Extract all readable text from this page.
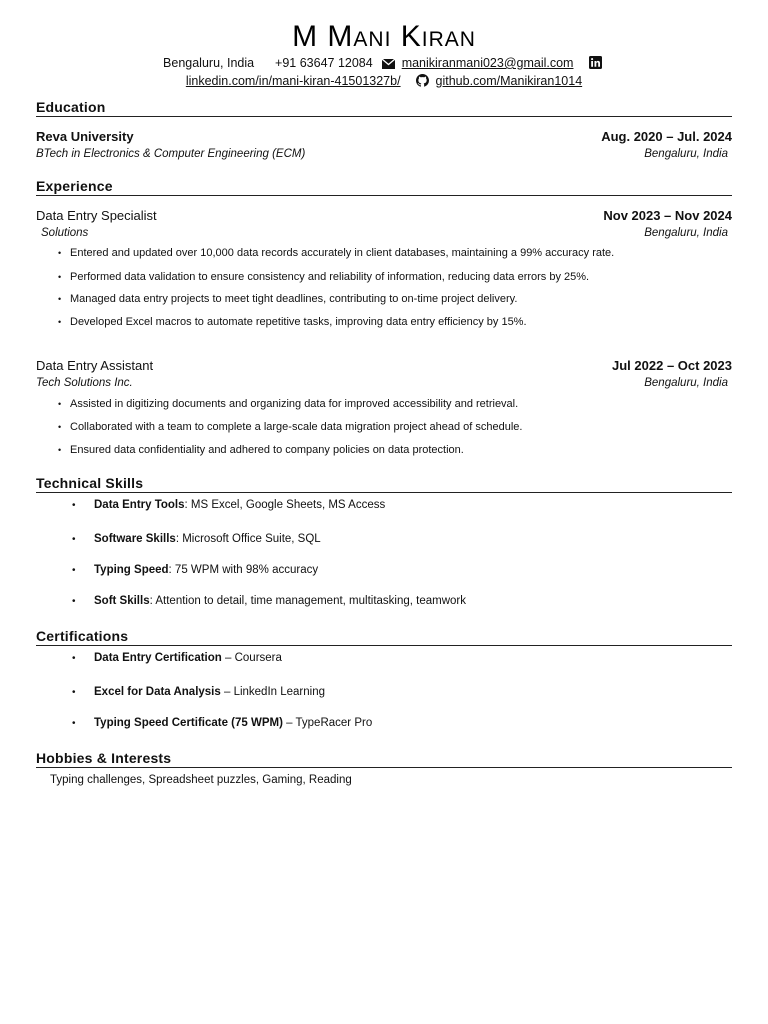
M Mani Kiran
Bengaluru, India +91 63647 12084 manikiranmani023@gmail.com
linkedin.com/in/mani-kiran-41501327b/	github.com/Manikiran1014
Education
Reva University	Aug. 2020 – Jul. 2024
BTech in Electronics & Computer Engineering (ECM)	Bengaluru, India
Experience
Data Entry Specialist	Nov 2023 – Nov 2024
Solutions	Bengaluru, India
• Entered and updated over 10,000 data records accurately in client databases, maintaining a 99% accuracy rate.
• Performed data validation to ensure consistency and reliability of information, reducing data errors by 25%.
• Managed data entry projects to meet tight deadlines, contributing to on-time project delivery.
• Developed Excel macros to automate repetitive tasks, improving data entry efficiency by 15%.
Data Entry Assistant	Jul 2022 – Oct 2023
Tech Solutions Inc.	Bengaluru, India
• Assisted in digitizing documents and organizing data for improved accessibility and retrieval.
• Collaborated with a team to complete a large-scale data migration project ahead of schedule.
• Ensured data confidentiality and adhered to company policies on data protection.
Technical Skills
• Data Entry Tools: MS Excel, Google Sheets, MS Access
• Software Skills: Microsoft Office Suite, SQL
• Typing Speed: 75 WPM with 98% accuracy
• Soft Skills: Attention to detail, time management, multitasking, teamwork
Certifications
• Data Entry Certification – Coursera
• Excel for Data Analysis – LinkedIn Learning
• Typing Speed Certificate (75 WPM) – TypeRacer Pro
Hobbies & Interests
Typing challenges, Spreadsheet puzzles, Gaming, Reading
